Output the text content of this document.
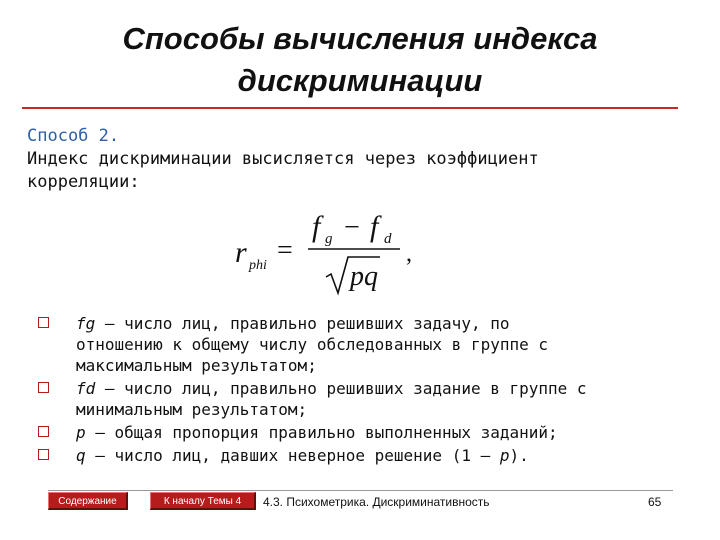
Способы вычисления индекса
дискриминации
Способ 2.
Индекс дискриминации высисляется через коэффициент
корреляции:
r phi =
f g − f d
pq
,
fg — число лиц, правильно решивших задачу, по
отношению к общему числу обследованных в группе с
максимальным результатом;
fd — число лиц, правильно решивших задание в группе с
минимальным результатом;
p — общая пропорция правильно выполненных заданий;
q — число лиц, давших неверное решение (1 – p).
Содержание	К началу Темы 4	4.3. Психометрика. Дискриминативность	65
